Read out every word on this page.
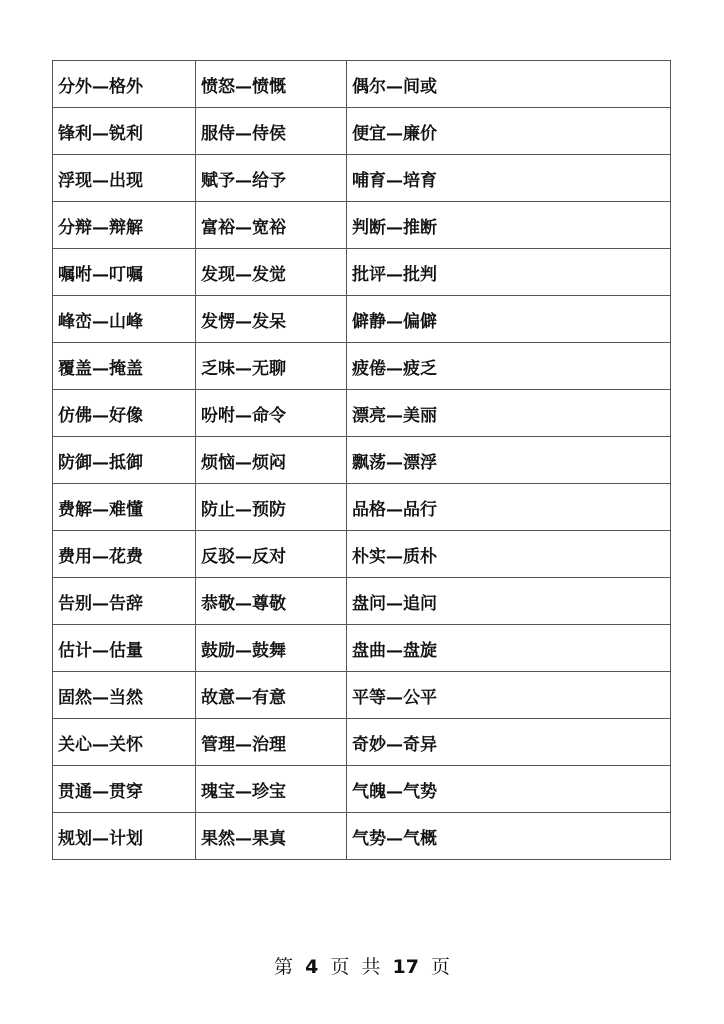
分外—格外	愤怒—愤慨	偶尔—间或
锋利—锐利	服侍—侍侯	便宜—廉价
浮现—出现	赋予—给予	哺育—培育
分辩—辩解	富裕—宽裕	判断—推断
嘱咐—叮嘱	发现—发觉	批评—批判
峰峦—山峰	发愣—发呆	僻静—偏僻
覆盖—掩盖	乏味—无聊	疲倦—疲乏
仿佛—好像	吩咐—命令	漂亮—美丽
防御—抵御	烦恼—烦闷	飘荡—漂浮
费解—难懂	防止—预防	品格—品行
费用—花费	反驳—反对	朴实—质朴
告别—告辞	恭敬—尊敬	盘问—追问
估计—估量	鼓励—鼓舞	盘曲—盘旋
固然—当然	故意—有意	平等—公平
关心—关怀	管理—治理	奇妙—奇异
贯通—贯穿	瑰宝—珍宝	气魄—气势
规划—计划	果然—果真	气势—气概
第 4 页 共 17 页
